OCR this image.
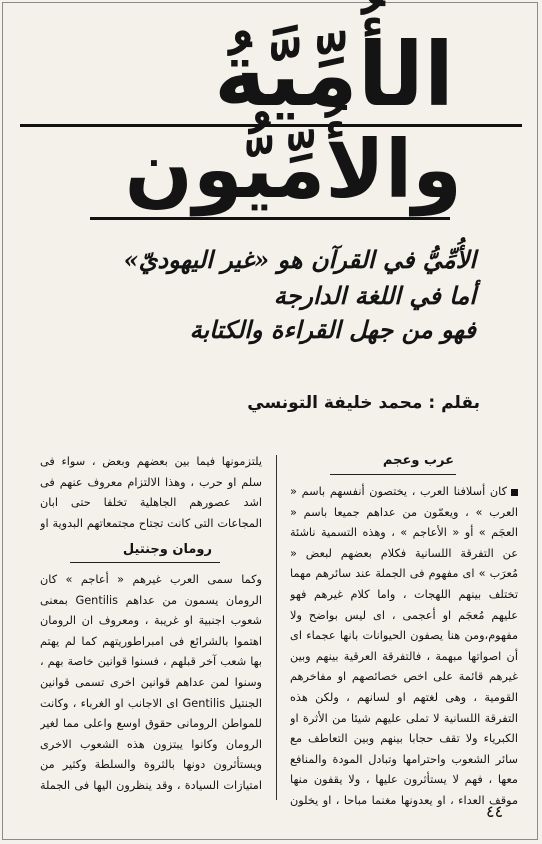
الأُمِّيَّةُ
والأُمِّيُّون
الأُمِّيُّ في القرآن هو «غير اليهوديّ»
أما في اللغة الدارجة
فهو من جهل القراءة والكتابة
بقلم : محمد خليفة التونسي
عرب وعجم

كان أسلافنا العرب ، يختصون أنفسهم باسم « العرب » ، ويعمّون من عداهم جميعا باسم « العجَم » أو « الأعاجم » ، وهذه التسمية ناشئة عن التفرقة اللسانية فكلام بعضهم لبعض « مُعرَب » اى مفهوم فى الجملة عند سائرهم مهما تختلف بينهم اللهجات ، واما كلام غيرهم فهو عليهم مُعجَم او أعجمى ، اى ليس بواضح ولا مفهوم،ومن هنا يصفون الحيوانات بانها عجماء اى أن اصواتها مبهمة ، فالتفرقة العرقية بينهم وبين غيرهم قائمة على اخص خصائصهم او مفاخرهم القومية ، وهى لغتهم او لسانهم ، ولكن هذه التفرقة اللسانية لا تملى عليهم شيئا من الأثرة او الكبرياء ولا تقف حجابا بينهم وبين التعاطف مع سائر الشعوب واحترامها وتبادل المودة والمنافع معها ، فهم لا يستأثرون عليها ، ولا يقفون منها موقف العداء ، او يعدونها مغنما مباحا ، او يخلون

يلتزمونها فيما بين بعضهم وبعض ، سواء فى سلم او حرب ، وهذا الالتزام معروف عنهم فى اشد عصورهم الجاهلية تخلفا حتى ابان المجاعات التى كانت تجتاح مجتمعاتهم البدوية او

رومان وجنتيل

وكما سمى العرب غيرهم « أعاجم » كان الرومان يسمون من عداهم Gentilis بمعنى شعوب اجنبية او غريبة ، ومعروف ان الرومان اهتموا بالشرائع فى امبراطوريتهم كما لم يهتم بها شعب آخر قبلهم ، فسنوا قوانين خاصة بهم ، وسنوا لمن عداهم قوانين اخرى تسمى قوانين الجنتيل Gentilis اى الاجانب او الغرباء ، وكانت للمواطن الرومانى حقوق اوسع واعلى مما لغير الرومان وكانوا يبتزون هذه الشعوب الاخرى ويستأثرون دونها بالثروة والسلطة وكثير من امتيازات السيادة ، وقد ينظرون اليها فى الجملة

٤٤
